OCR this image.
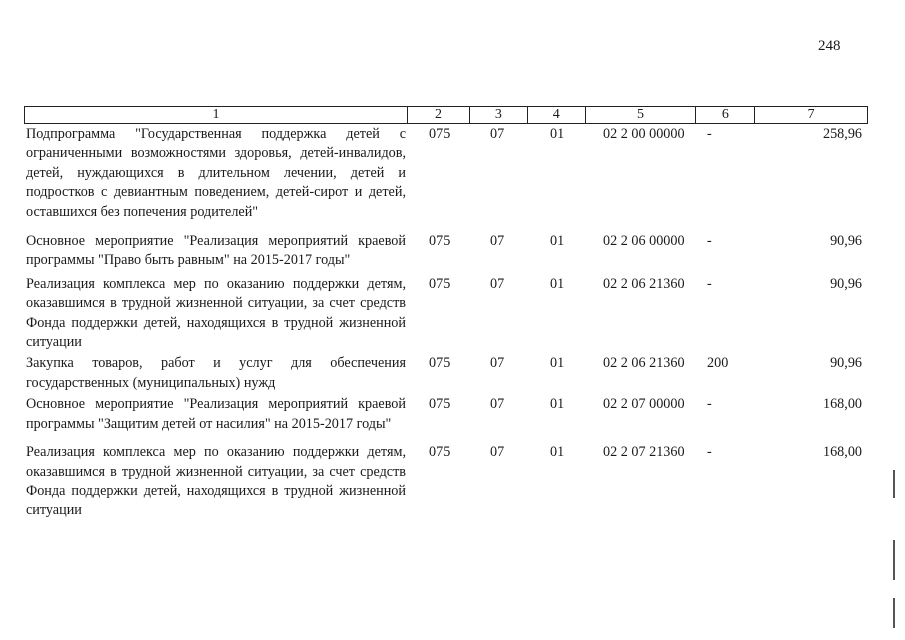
248
1	2	3	4	5	6	7
Подпрограмма "Государственная поддержка детей с ограниченными возможностями здоровья, детей-инвалидов, детей, нуждающихся в длительном лечении, детей и подростков с девиантным поведением, детей-сирот и детей, оставшихся без попечения родителей"
075	07	01	02 2 00 00000	-	258,96
Основное мероприятие "Реализация мероприятий краевой программы "Право быть равным" на 2015-2017 годы"
075	07	01	02 2 06 00000	-	90,96
Реализация комплекса мер по оказанию поддержки детям, оказавшимся в трудной жизненной ситуации, за счет средств Фонда поддержки детей, находящихся в трудной жизненной ситуации
075	07	01	02 2 06 21360	-	90,96
Закупка товаров, работ и услуг для обеспечения государственных (муниципальных) нужд
075	07	01	02 2 06 21360	200	90,96
Основное мероприятие "Реализация мероприятий краевой программы "Защитим детей от насилия" на 2015-2017 годы"
075	07	01	02 2 07 00000	-	168,00
Реализация комплекса мер по оказанию поддержки детям, оказавшимся в трудной жизненной ситуации, за счет средств Фонда поддержки детей, находящихся в трудной жизненной ситуации
075	07	01	02 2 07 21360	-	168,00
